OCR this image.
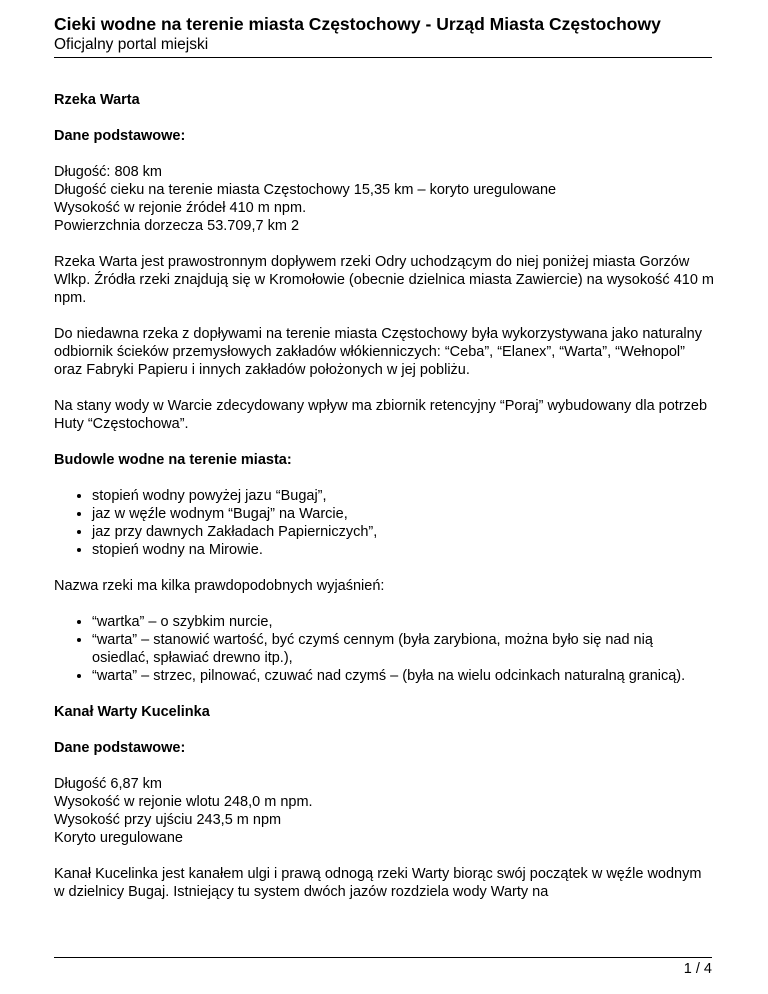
Cieki wodne na terenie miasta Częstochowy - Urząd Miasta Częstochowy
Oficjalny portal miejski
Rzeka Warta
Dane podstawowe:

Długość: 808 km
Długość cieku na terenie miasta Częstochowy 15,35 km – koryto uregulowane
Wysokość w rejonie źródeł 410 m npm.
Powierzchnia dorzecza 53.709,7 km 2

Rzeka Warta jest prawostronnym dopływem rzeki Odry uchodzącym do niej poniżej miasta Gorzów Wlkp. Źródła rzeki znajdują się w Kromołowie (obecnie dzielnica miasta Zawiercie) na wysokość 410 m npm.

Do niedawna rzeka z dopływami na terenie miasta Częstochowy była wykorzystywana jako naturalny odbiornik ścieków przemysłowych zakładów włókienniczych: “Ceba”, “Elanex”, “Warta”, “Wełnopol” oraz Fabryki Papieru i innych zakładów położonych w jej pobliżu.

Na stany wody w Warcie zdecydowany wpływ ma zbiornik retencyjny “Poraj” wybudowany dla potrzeb Huty “Częstochowa”.

Budowle wodne na terenie miasta:
• stopień wodny powyżej jazu “Bugaj”,
• jaz w węźle wodnym “Bugaj” na Warcie,
• jaz przy dawnych Zakładach Papierniczych”,
• stopień wodny na Mirowie.

Nazwa rzeki ma kilka prawdopodobnych wyjaśnień:

• “wartka” – o szybkim nurcie,
• “warta” – stanowić wartość, być czymś cennym (była zarybiona, można było się nad nią osiedlać, spławiać drewno itp.),
• “warta” – strzec, pilnować, czuwać nad czymś – (była na wielu odcinkach naturalną granicą).
Kanał Warty Kucelinka
Dane podstawowe:

Długość 6,87 km
Wysokość w rejonie wlotu 248,0 m npm.
Wysokość przy ujściu 243,5 m npm
Koryto uregulowane

Kanał Kucelinka jest kanałem ulgi i prawą odnogą rzeki Warty biorąc swój początek w węźle wodnym w dzielnicy Bugaj. Istniejący tu system dwóch jazów rozdziela wody Warty na

1 / 4
